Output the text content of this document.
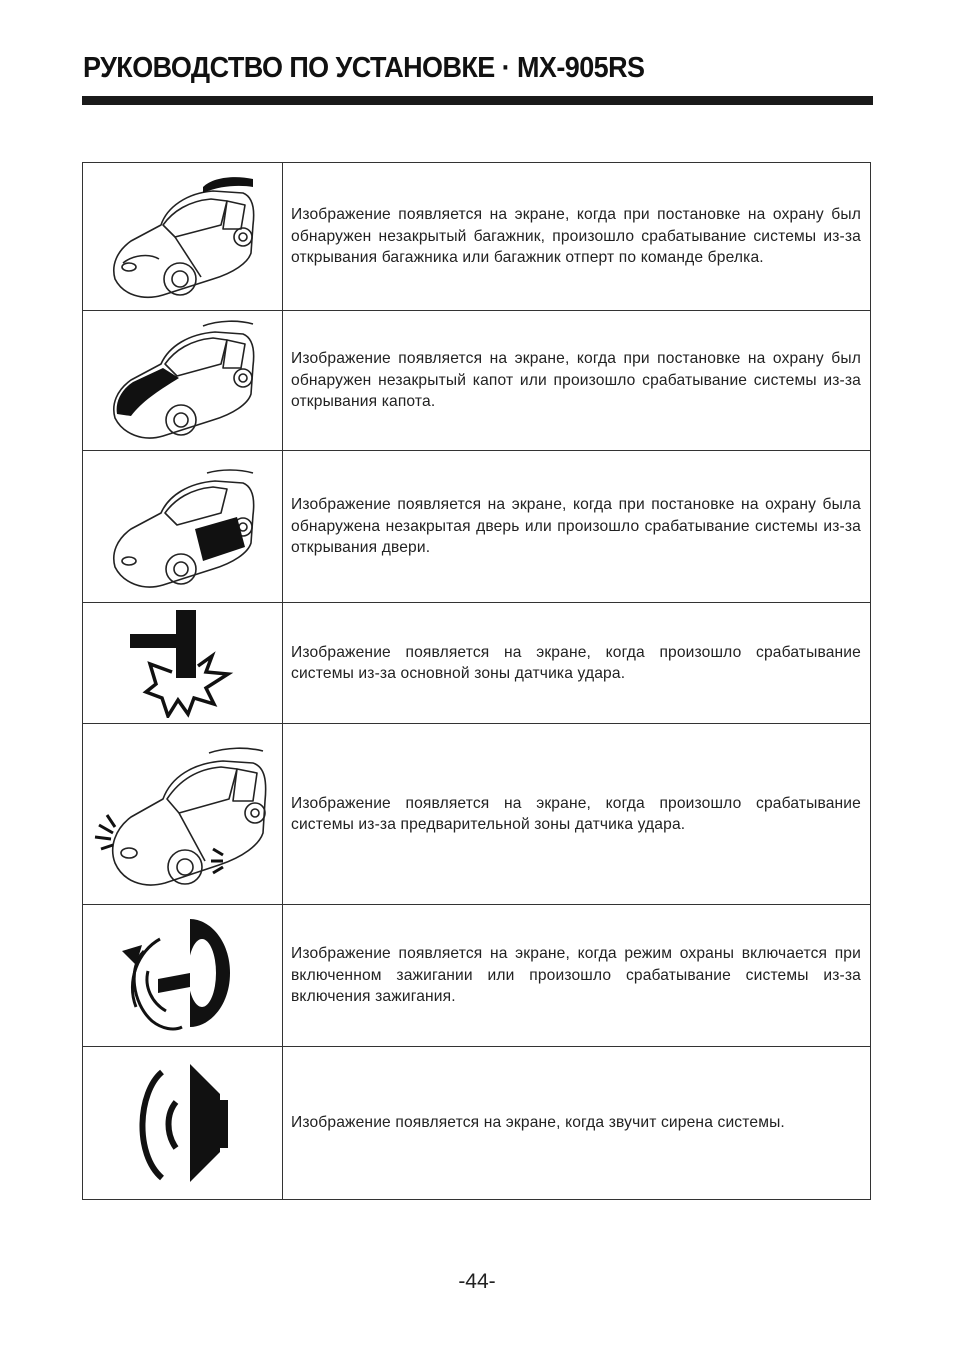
РУКОВОДСТВО ПО УСТАНОВКЕ · MX-905RS

Изображение появляется на экране, когда при постановке на охрану был обнаружен незакрытый багажник, произошло срабатывание системы из-за открывания багажника или багажник отперт по команде брелка.

Изображение появляется на экране, когда при постановке на охрану был обнаружен незакрытый капот или произошло срабатывание системы из-за открывания капота.

Изображение появляется на экране, когда при постановке на охрану была обнаружена незакрытая дверь или произошло срабатывание системы из-за открывания двери.

Изображение появляется на экране, когда произошло срабатывание системы из-за основной зоны датчика удара.

Изображение появляется на экране, когда произошло срабатывание системы из-за предварительной зоны датчика удара.

Изображение появляется на экране, когда режим охраны включается при включенном зажигании или произошло срабатывание системы из-за включения зажигания.

Изображение появляется на экране, когда звучит сирена системы.
-44-
